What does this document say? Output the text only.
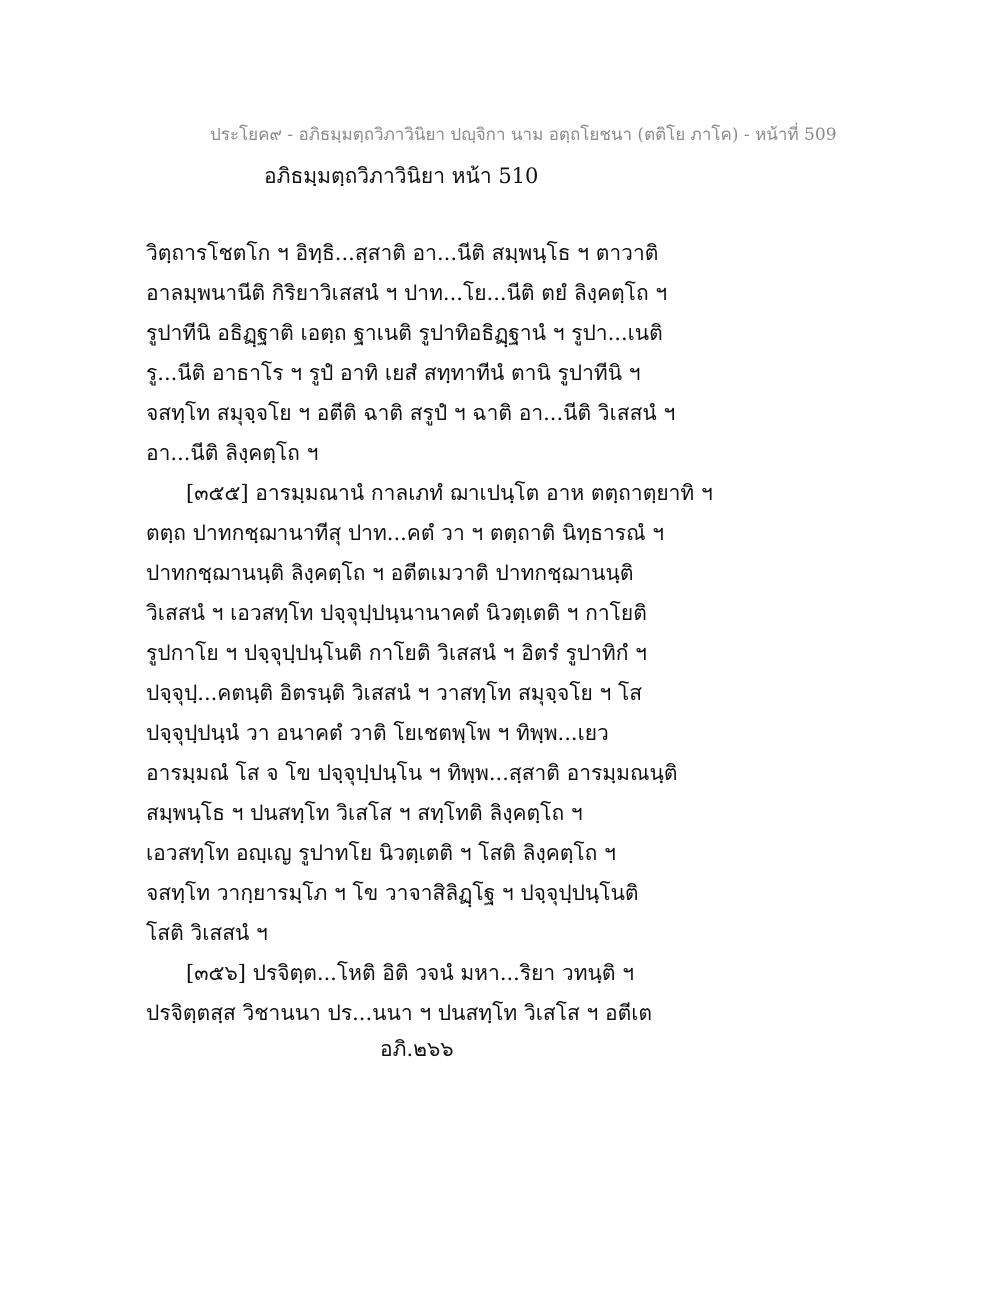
ประโยค๙ - อภิธมฺมตฺถวิภาวินิยา ปญฺจิกา นาม อตฺถโยชนา (ตติโย ภาโค) - หน้าที่ 509
อภิธมฺมตฺถวิภาวินิยา หน้า 510
วิตฺถารโชตโก ฯ อิทฺธิ...สฺสาติ อา...นีติ สมฺพนฺโธ ฯ ตาวาติ
อาลมฺพนานีติ กิริยาวิเสสนํ ฯ ปาท...โย...นีติ ตยํ ลิงฺคตฺโถ ฯ
รูปาทีนิ อธิฏฺฐาติ เอตฺถ ฐาเนติ รูปาทิอธิฏฺฐานํ ฯ รูปา...เนติ
รู...นีติ อาธาโร ฯ รูปํ อาทิ เยสํ สทฺทาทีนํ ตานิ รูปาทีนิ ฯ
จสทฺโท สมุจฺจโย ฯ อตีติ ฉาติ สรูปํ ฯ ฉาติ อา...นีติ วิเสสนํ ฯ
อา...นีติ ลิงฺคตฺโถ ฯ
[๓๕๕] อารมฺมณานํ กาลเภทํ ฌาเปนฺโต อาห ตตฺถาตฺยาทิ ฯ
ตตฺถ ปาทกชฺฌานาทีสุ ปาท...คตํ วา ฯ ตตฺถาติ นิทฺธารณํ ฯ
ปาทกชฺฌานนฺติ ลิงฺคตฺโถ ฯ อตีตเมวาติ ปาทกชฺฌานนฺติ
วิเสสนํ ฯ เอวสทฺโท ปจฺจุปฺปนฺนานาคตํ นิวตฺเตติ ฯ กาโยติ
รูปกาโย ฯ ปจฺจุปฺปนฺโนติ กาโยติ วิเสสนํ ฯ อิตรํ รูปาทิกํ ฯ
ปจฺจุปฺ...คตนฺติ อิตรนฺติ วิเสสนํ ฯ วาสทฺโท สมุจฺจโย ฯ โส
ปจฺจุปฺปนฺนํ วา อนาคตํ วาติ โยเชตพฺโพ ฯ ทิพฺพ...เยว
อารมฺมณํ โส จ โข ปจฺจุปฺปนฺโน ฯ ทิพฺพ...สฺสาติ อารมฺมณนฺติ
สมฺพนฺโธ ฯ ปนสทฺโท วิเสโส ฯ สทฺโทติ ลิงฺคตฺโถ ฯ
เอวสทฺโท อญฺเญ รูปาทโย นิวตฺเตติ ฯ โสติ ลิงฺคตฺโถ ฯ
จสทฺโท วากฺยารมฺโภ ฯ โข วาจาสิลิฏฺโฐ ฯ ปจฺจุปฺปนฺโนติ
โสติ วิเสสนํ ฯ
[๓๕๖] ปรจิตฺต...โหติ อิติ วจนํ มหา...ริยา วทนฺติ ฯ
ปรจิตฺตสฺส วิชานนา ปร...นนา ฯ ปนสทฺโท วิเสโส ฯ อตีเต
อภิ.๒๖๖
